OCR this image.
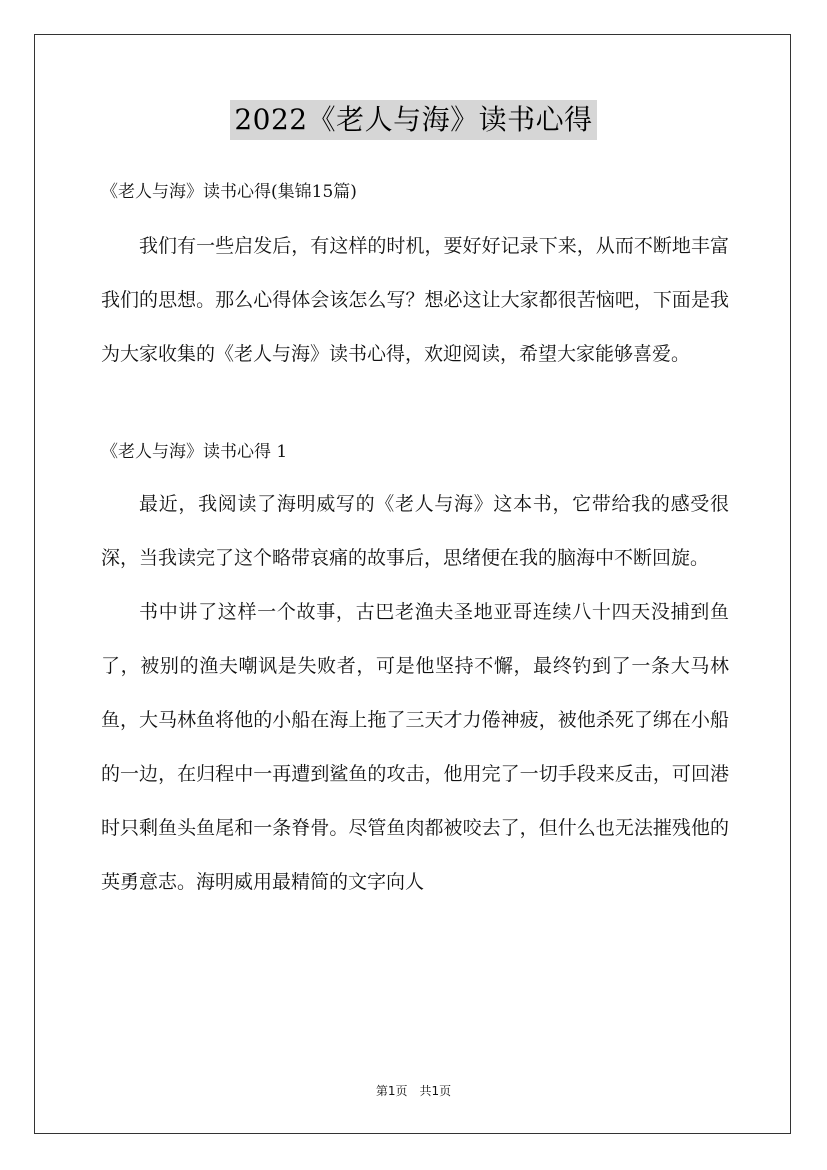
2022《老人与海》读书心得

《老人与海》读书心得(集锦15篇)

我们有一些启发后，有这样的时机，要好好记录下来，从而不断地丰富我们的思想。那么心得体会该怎么写？想必这让大家都很苦恼吧，下面是我为大家收集的《老人与海》读书心得，欢迎阅读，希望大家能够喜爱。

《老人与海》读书心得 1

最近，我阅读了海明威写的《老人与海》这本书，它带给我的感受很深，当我读完了这个略带哀痛的故事后，思绪便在我的脑海中不断回旋。

书中讲了这样一个故事，古巴老渔夫圣地亚哥连续八十四天没捕到鱼了，被别的渔夫嘲讽是失败者，可是他坚持不懈，最终钓到了一条大马林鱼，大马林鱼将他的小船在海上拖了三天才力倦神疲，被他杀死了绑在小船的一边，在归程中一再遭到鲨鱼的攻击，他用完了一切手段来反击，可回港时只剩鱼头鱼尾和一条脊骨。尽管鱼肉都被咬去了，但什么也无法摧残他的英勇意志。海明威用最精简的文字向人

第1页　共1页
